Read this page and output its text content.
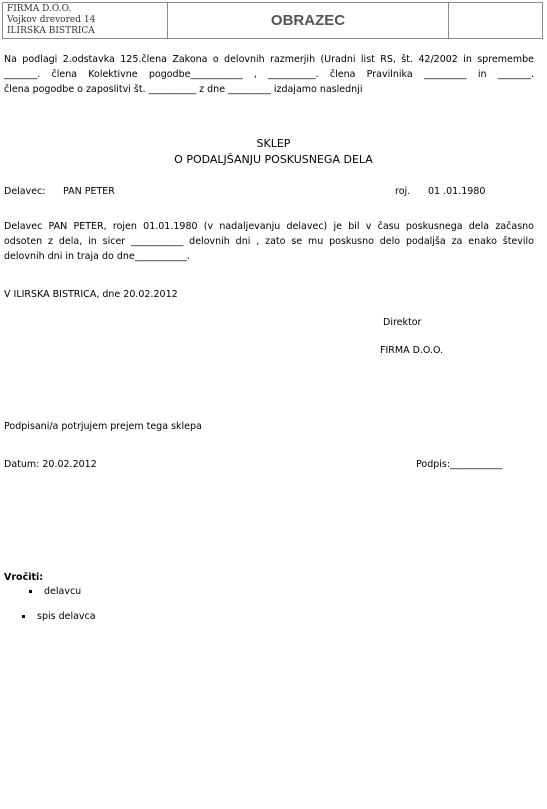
FIRMA D.O.O.
Vojkov drevored 14
ILIRSKA BISTRICA
OBRAZEC
Na podlagi 2.odstavka 125.člena Zakona o delovnih razmerjih (Uradni list RS, št. 42/2002 in spremembe
_______. člena Kolektivne pogodbe___________ , __________. člena Pravilnika _________ in _______.
člena pogodbe o zaposlitvi št. __________ z dne _________ izdajamo naslednji
SKLEP
O PODALJŠANJU POSKUSNEGA DELA
Delavec: PAN PETER	roj. 01 .01.1980
Delavec PAN PETER, rojen 01.01.1980 (v nadaljevanju delavec) je bil v času poskusnega dela začasno
odsoten z dela, in sicer ___________ delovnih dni , zato se mu poskusno delo podaljša za enako število
delovnih dni in traja do dne___________.
V ILIRSKA BISTRICA, dne 20.02.2012
Direktor
FIRMA D.O.O.
Podpisani/a potrjujem prejem tega sklepa
Datum: 20.02.2012	Podpis:___________
Vročiti:
delavcu
spis delavca
